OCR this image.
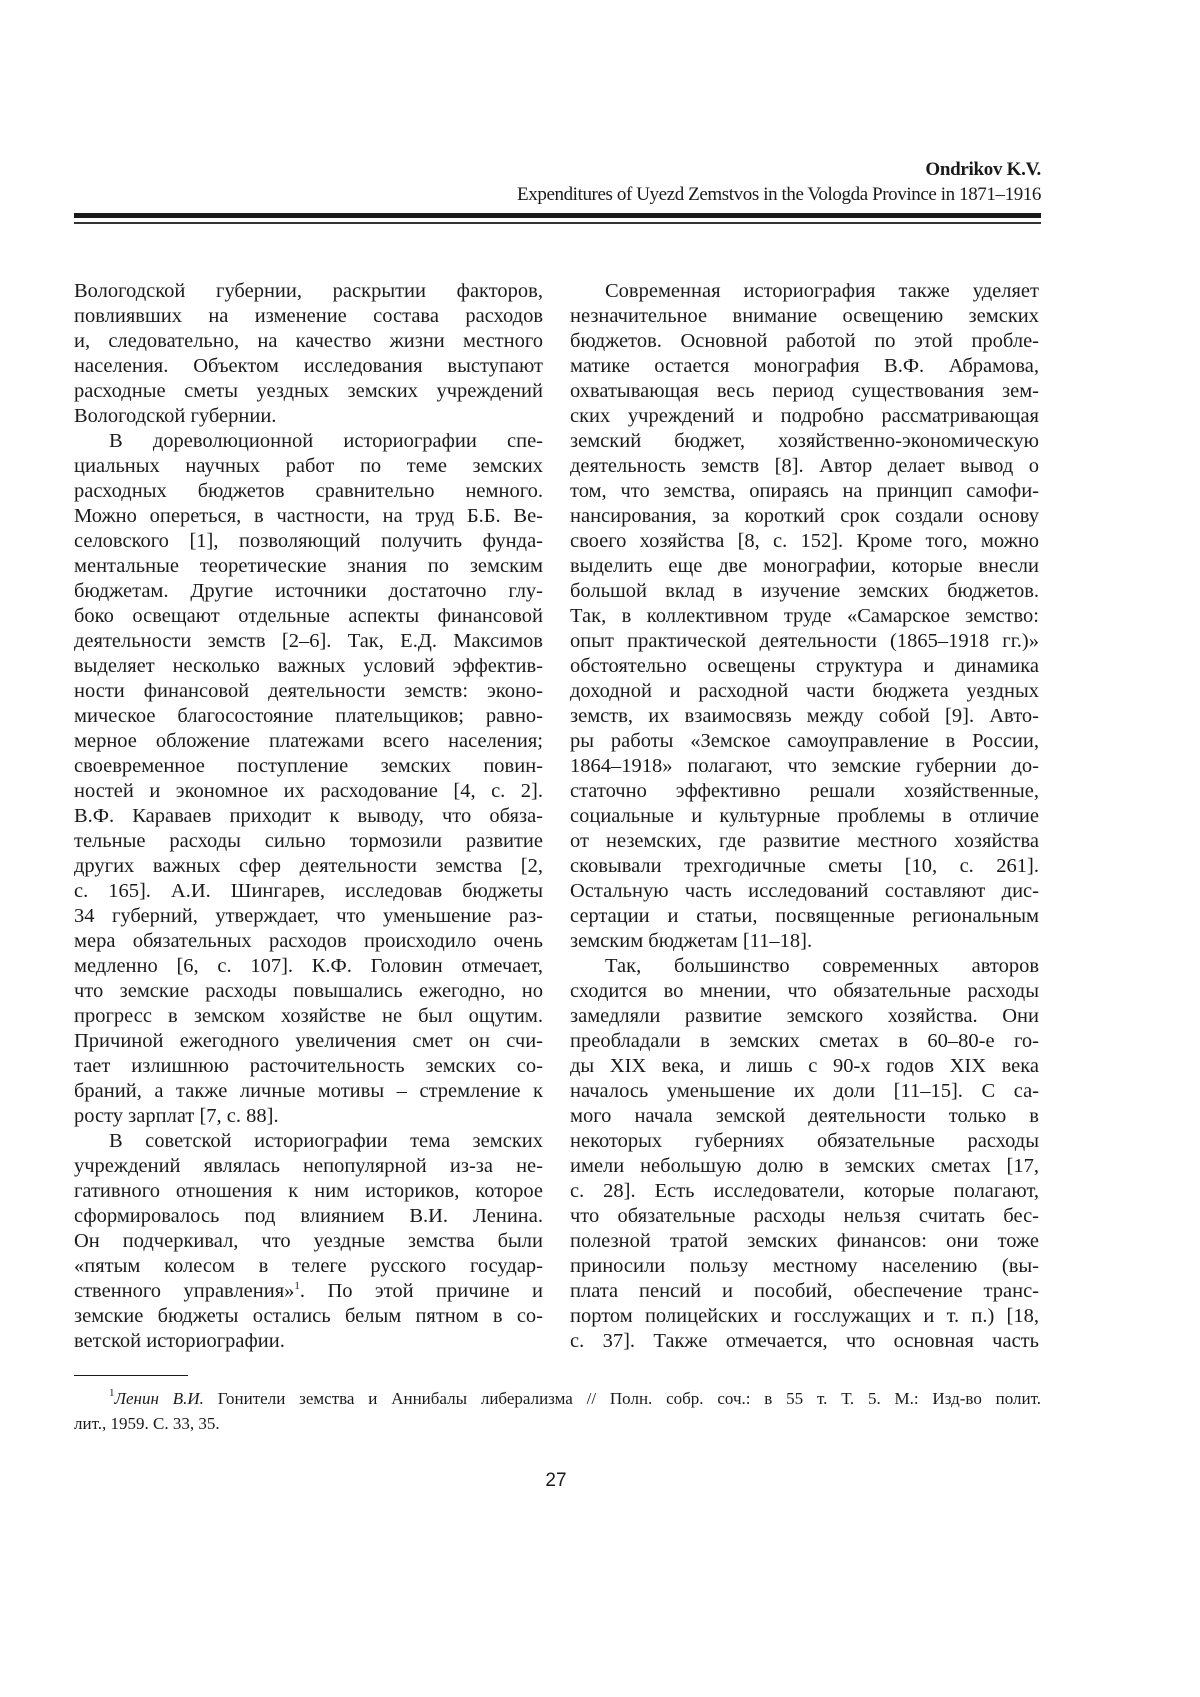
Ondrikov K.V.
Expenditures of Uyezd Zemstvos in the Vologda Province in 1871–1916
Вологодской губернии, раскрытии факторов,
повлиявших на изменение состава расходов
и, следовательно, на качество жизни местного
населения. Объектом исследования выступают
расходные сметы уездных земских учреждений
Вологодской губернии.
В дореволюционной историографии спе-
циальных научных работ по теме земских
расходных бюджетов сравнительно немного.
Можно опереться, в частности, на труд Б.Б. Ве-
селовского [1], позволяющий получить фунда-
ментальные теоретические знания по земским
бюджетам. Другие источники достаточно глу-
боко освещают отдельные аспекты финансовой
деятельности земств [2–6]. Так, Е.Д. Максимов
выделяет несколько важных условий эффектив-
ности финансовой деятельности земств: эконо-
мическое благосостояние плательщиков; равно-
мерное обложение платежами всего населения;
своевременное поступление земских повин-
ностей и экономное их расходование [4, с. 2].
В.Ф. Караваев приходит к выводу, что обяза-
тельные расходы сильно тормозили развитие
других важных сфер деятельности земства [2,
с. 165]. А.И. Шингарев, исследовав бюджеты
34 губерний, утверждает, что уменьшение раз-
мера обязательных расходов происходило очень
медленно [6, с. 107]. К.Ф. Головин отмечает,
что земские расходы повышались ежегодно, но
прогресс в земском хозяйстве не был ощутим.
Причиной ежегодного увеличения смет он счи-
тает излишнюю расточительность земских со-
браний, а также личные мотивы – стремление к
росту зарплат [7, с. 88].
В советской историографии тема земских
учреждений являлась непопулярной из-за не-
гативного отношения к ним историков, которое
сформировалось под влиянием В.И. Ленина.
Он подчеркивал, что уездные земства были
«пятым колесом в телеге русского государ-
ственного управления»1. По этой причине и
земские бюджеты остались белым пятном в со-
ветской историографии.
Современная историография также уделяет
незначительное внимание освещению земских
бюджетов. Основной работой по этой пробле-
матике остается монография В.Ф. Абрамова,
охватывающая весь период существования зем-
ских учреждений и подробно рассматривающая
земский бюджет, хозяйственно-экономическую
деятельность земств [8]. Автор делает вывод о
том, что земства, опираясь на принцип самофи-
нансирования, за короткий срок создали основу
своего хозяйства [8, с. 152]. Кроме того, можно
выделить еще две монографии, которые внесли
большой вклад в изучение земских бюджетов.
Так, в коллективном труде «Самарское земство:
опыт практической деятельности (1865–1918 гг.)»
обстоятельно освещены структура и динамика
доходной и расходной части бюджета уездных
земств, их взаимосвязь между собой [9]. Авто-
ры работы «Земское самоуправление в России,
1864–1918» полагают, что земские губернии до-
статочно эффективно решали хозяйственные,
социальные и культурные проблемы в отличие
от неземских, где развитие местного хозяйства
сковывали трехгодичные сметы [10, с. 261].
Остальную часть исследований составляют дис-
сертации и статьи, посвященные региональным
земским бюджетам [11–18].
Так, большинство современных авторов
сходится во мнении, что обязательные расходы
замедляли развитие земского хозяйства. Они
преобладали в земских сметах в 60–80-е го-
ды XIX века, и лишь с 90-х годов XIX века
началось уменьшение их доли [11–15]. С са-
мого начала земской деятельности только в
некоторых губерниях обязательные расходы
имели небольшую долю в земских сметах [17,
с. 28]. Есть исследователи, которые полагают,
что обязательные расходы нельзя считать бес-
полезной тратой земских финансов: они тоже
приносили пользу местному населению (вы-
плата пенсий и пособий, обеспечение транс-
портом полицейских и госслужащих и т. п.) [18,
с. 37]. Также отмечается, что основная часть
1Ленин В.И. Гонители земства и Аннибалы либерализма // Полн. собр. соч.: в 55 т. Т. 5. М.: Изд-во полит.
лит., 1959. С. 33, 35.
27
